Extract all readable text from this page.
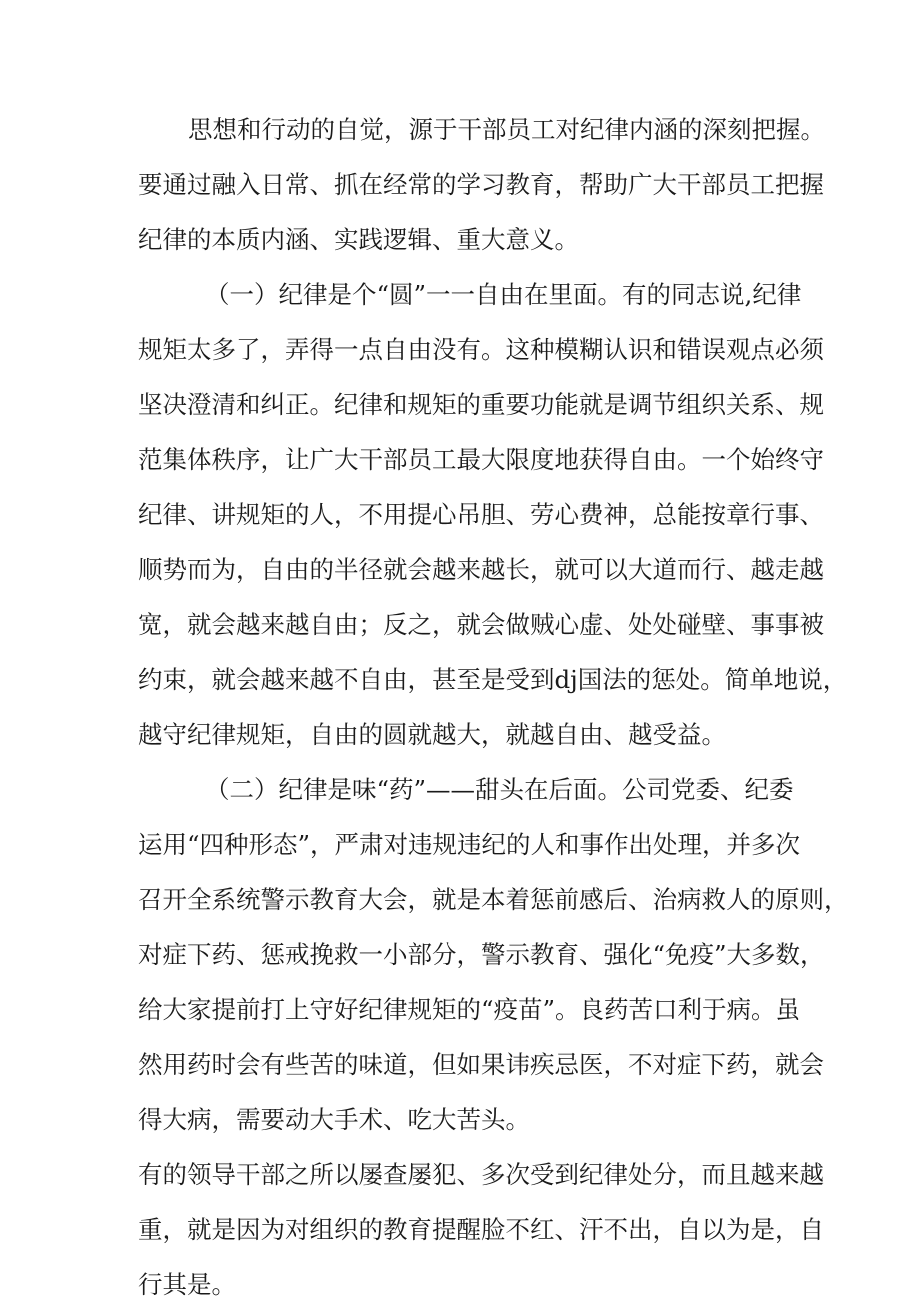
思想和行动的自觉，源于干部员工对纪律内涵的深刻把握。
要通过融入日常、抓在经常的学习教育，帮助广大干部员工把握
纪律的本质内涵、实践逻辑、重大意义。
（一）纪律是个“圆”一一自由在里面。有的同志说,纪律
规矩太多了，弄得一点自由没有。这种模糊认识和错误观点必须
坚决澄清和纠正。纪律和规矩的重要功能就是调节组织关系、规
范集体秩序，让广大干部员工最大限度地获得自由。一个始终守
纪律、讲规矩的人，不用提心吊胆、劳心费神，总能按章行事、
顺势而为，自由的半径就会越来越长，就可以大道而行、越走越
宽，就会越来越自由；反之，就会做贼心虚、处处碰壁、事事被
约束，就会越来越不自由，甚至是受到dj国法的惩处。简单地说，
越守纪律规矩，自由的圆就越大，就越自由、越受益。
（二）纪律是味“药”——甜头在后面。公司党委、纪委
运用“四种形态”，严肃对违规违纪的人和事作出处理，并多次
召开全系统警示教育大会，就是本着惩前感后、治病救人的原则，
对症下药、惩戒挽救一小部分，警示教育、强化“免疫”大多数，
给大家提前打上守好纪律规矩的“疫苗”。良药苦口利于病。虽
然用药时会有些苦的味道，但如果讳疾忌医，不对症下药，就会
得大病，需要动大手术、吃大苦头。
有的领导干部之所以屡查屡犯、多次受到纪律处分，而且越来越
重，就是因为对组织的教育提醒脸不红、汗不出，自以为是，自
行其是。
